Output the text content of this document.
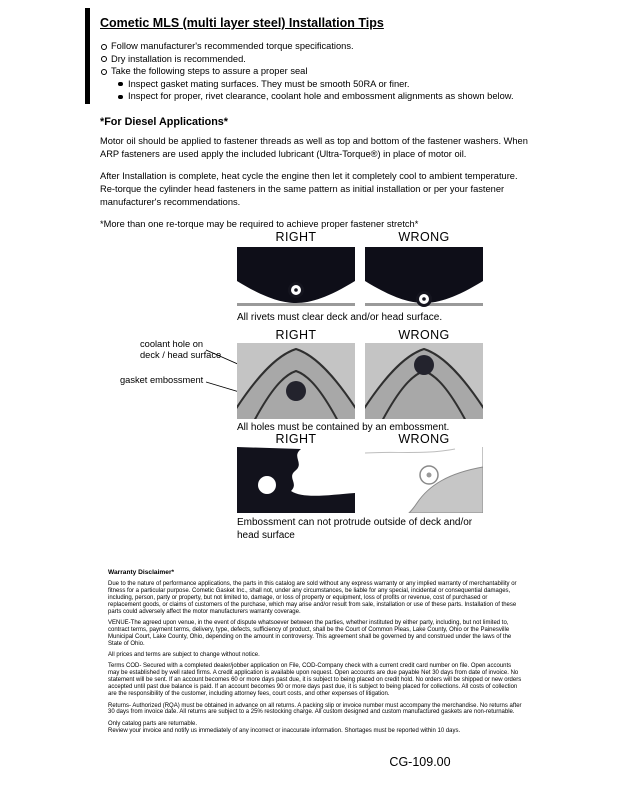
Cometic MLS (multi layer steel) Installation Tips
Follow manufacturer's recommended torque specifications.
Dry installation is recommended.
Take the following steps to assure a proper seal
Inspect gasket mating surfaces. They must be smooth 50RA or finer.
Inspect for proper, rivet clearance, coolant hole and embossment alignments as shown below.
*For Diesel Applications*

Motor oil should be applied to fastener threads as well as top and bottom of the fastener washers. When ARP fasteners are used apply the included lubricant (Ultra-Torque®) in place of motor oil.

After Installation is complete, heat cycle the engine then let it completely cool to ambient temperature. Re-torque the cylinder head fasteners in the same pattern as initial installation or per your fastener manufacturer's recommendations.

*More than one re-torque may be required to achieve proper fastener stretch*

RIGHT	WRONG
All rivets must clear deck and/or head surface.
RIGHT	WRONG
coolant hole on
deck / head surface
gasket embossment
All holes must be contained by an embossment.
RIGHT	WRONG
Embossment can not protrude outside of deck and/or head surface
Warranty Disclaimer*

Due to the nature of performance applications, the parts in this catalog are sold without any express warranty or any implied warranty of merchantability or fitness for a particular purpose. Cometic Gasket Inc., shall not, under any circumstances, be liable for any special, incidental or consequential damages, including, person, party or property, but not limited to, damage, or loss of property or equipment, loss of profits or revenue, cost of purchased or replacement goods, or claims of customers of the purchase, which may arise and/or result from sale, installation or use of these parts. Installation of these parts could adversely affect the motor manufacturers warranty coverage.

VENUE-The agreed upon venue, in the event of dispute whatsoever between the parties, whether instituted by either party, including, but not limited to, contract terms, payment terms, delivery, type, defects, sufficiency of product, shall be the Court of Common Pleas, Lake County, Ohio or the Painesville Municipal Court, Lake County, Ohio, depending on the amount in controversy. This agreement shall be governed by and construed under the laws of the State of Ohio.

All prices and terms are subject to change without notice.

Terms COD- Secured with a completed dealer/jobber application on File, COD-Company check with a current credit card number on file. Open accounts may be established by well rated firms. A credit application is available upon request. Open accounts are due payable Net 30 days from date of invoice. No statement will be sent. If an account becomes 60 or more days past due, it is subject to being placed on credit hold. No orders will be shipped or new orders accepted until past due balance is paid. If an account becomes 90 or more days past due, it is subject to being placed for collections. All costs of collection are the responsibility of the customer, including attorney fees, court costs, and other expenses of litigation.

Returns- Authorized (RQA) must be obtained in advance on all returns. A packing slip or invoice number must accompany the merchandise. No returns after 30 days from invoice date. All returns are subject to a 25% restocking charge. All custom designed and custom manufactured gaskets are non-returnable.

Only catalog parts are returnable.

Review your invoice and notify us immediately of any incorrect or inaccurate information. Shortages must be reported within 10 days.

CG-109.00
